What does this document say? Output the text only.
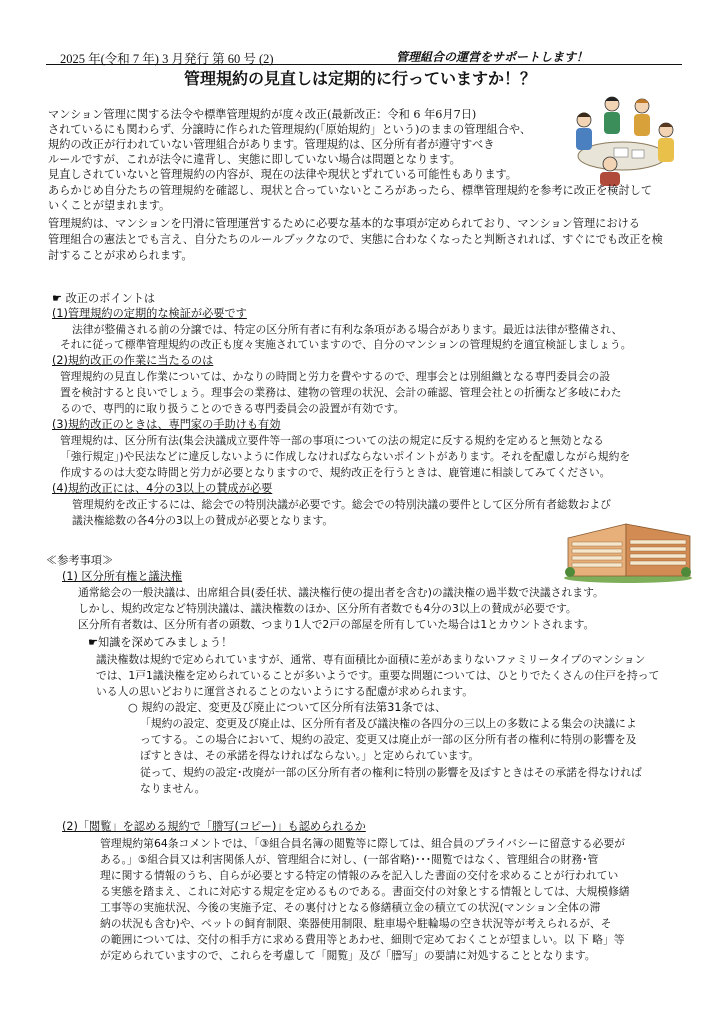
2025 年(令和 7 年) 3 月発行 第 60 号 (2)	管理組合の運営をサポートします！
管理規約の見直しは定期的に行っていますか！？

マンション管理に関する法令や標準管理規約が度々改正(最新改正：令和 6 年6月7日)

されているにも関わらず、分譲時に作られた管理規約(「原始規約」という)のままの管理組合や、

規約の改正が行われていない管理組合があります。管理規約は、区分所有者が遵守すべき

ルールですが、これが法令に違背し、実態に即していない場合は問題となります。

見直しされていないと管理規約の内容が、現在の法律や現状とずれている可能性もあります。

あらかじめ自分たちの管理規約を確認し、現状と合っていないところがあったら、標準管理規約を参考に改正を検討して

いくことが望まれます。

管理規約は、マンションを円滑に管理運営するために必要な基本的な事項が定められており、マンション管理における

管理組合の憲法とでも言え、自分たちのルールブックなので、実態に合わなくなったと判断されれば、すぐにでも改正を検

討することが求められます。

☛ 改正のポイントは

(1)管理規約の定期的な検証が必要です

法律が整備される前の分譲では、特定の区分所有者に有利な条項がある場合があります。最近は法律が整備され、

それに従って標準管理規約の改正も度々実施されていますので、自分のマンションの管理規約を適宜検証しましょう。

(2)規約改正の作業に当たるのは

管理規約の見直し作業については、かなりの時間と労力を費やするので、理事会とは別組織となる専門委員会の設

置を検討すると良いでしょう。理事会の業務は、建物の管理の状況、会計の確認、管理会社との折衝など多岐にわた

るので、専門的に取り扱うことのできる専門委員会の設置が有効です。

(3)規約改正のときは、専門家の手助けも有効

管理規約は、区分所有法(集会決議成立要件等一部の事項についての法の規定に反する規約を定めると無効となる

「強行規定」)や民法などに違反しないように作成しなければならないポイントがあります。それを配慮しながら規約を

作成するのは大変な時間と労力が必要となりますので、規約改正を行うときは、鹿管連に相談してみてください。

(4)規約改正には、4分の3以上の賛成が必要

管理規約を改正するには、総会での特別決議が必要です。総会での特別決議の要件として区分所有者総数および

議決権総数の各4分の3以上の賛成が必要となります。

≪参考事項≫

(1) 区分所有権と議決権

通常総会の一般決議は、出席組合員(委任状、議決権行使の提出者を含む)の議決権の過半数で決議されます。

しかし、規約改定など特別決議は、議決権数のほか、区分所有者数でも4分の3以上の賛成が必要です。

区分所有者数は、区分所有者の頭数、つまり1人で2戸の部屋を所有していた場合は1とカウントされます。

☛知識を深めてみましょう！

議決権数は規約で定められていますが、通常、専有面積比か面積に差があまりないファミリータイプのマンション

では、1戸1議決権を定められていることが多いようです。重要な問題については、ひとりでたくさんの住戸を持って

いる人の思いどおりに運営されることのないようにする配慮が求められます。

○ 規約の設定、変更及び廃止について区分所有法第31条では、

「規約の設定、変更及び廃止は、区分所有者及び議決権の各四分の三以上の多数による集会の決議によ

ってする。この場合において、規約の設定、変更又は廃止が一部の区分所有者の権利に特別の影響を及

ぼすときは、その承諾を得なければならない。」と定められています。

従って、規約の設定･改廃が一部の区分所有者の権利に特別の影響を及ぼすときはその承諾を得なければ

なりません。

(2)「閲覧」を認める規約で「謄写(コピー)」も認められるか

管理規約第64条コメントでは、「③組合員名簿の閲覧等に際しては、組合員のプライバシーに留意する必要が

ある。」⑤組合員又は利害関係人が、管理組合に対し、(一部省略)･･･閲覧ではなく、管理組合の財務･管

理に関する情報のうち、自らが必要とする特定の情報のみを記入した書面の交付を求めることが行われてい

る実態を踏まえ、これに対応する規定を定めるものである。書面交付の対象とする情報としては、大規模修繕

工事等の実施状況、今後の実施予定、その裏付けとなる修繕積立金の積立ての状況(マンション全体の滞

納の状況も含む)や、ペットの飼育制限、楽器使用制限、駐車場や駐輪場の空き状況等が考えられるが、そ

の範囲については、交付の相手方に求める費用等とあわせ、細則で定めておくことが望ましい。以 下 略」等

が定められていますので、これらを考慮して「閲覧」及び「謄写」の要請に対処することとなります。
